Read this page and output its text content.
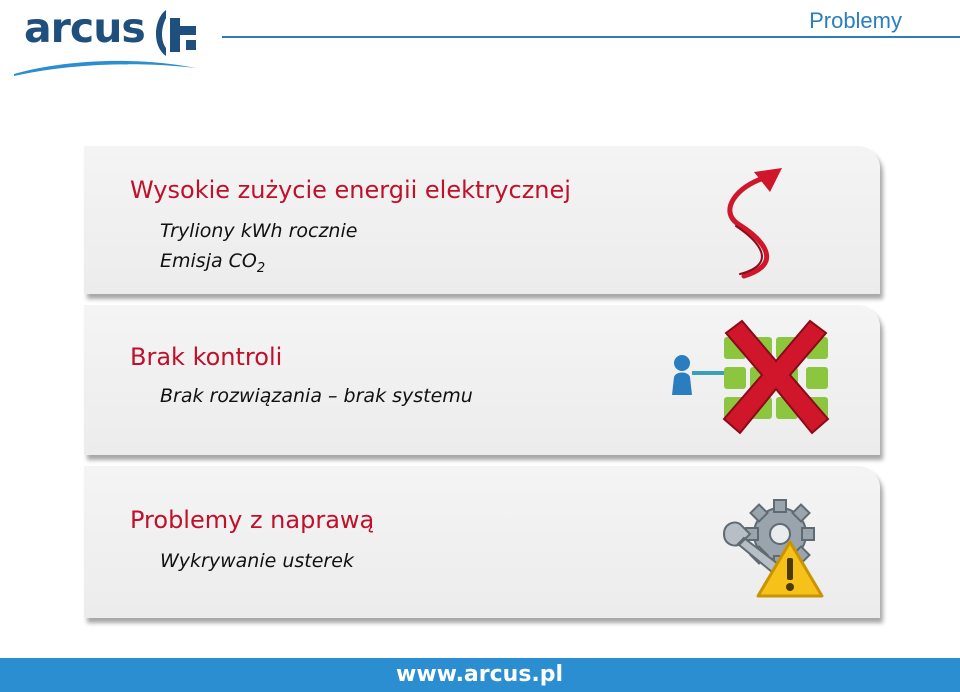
arcus	Problemy
Wysokie zużycie energii elektrycznej
Tryliony kWh rocznie
Emisja $CO_2$
Brak kontroli
Brak rozwiązania – brak systemu
Problemy z naprawą
Wykrywanie usterek
www.arcus.pl
